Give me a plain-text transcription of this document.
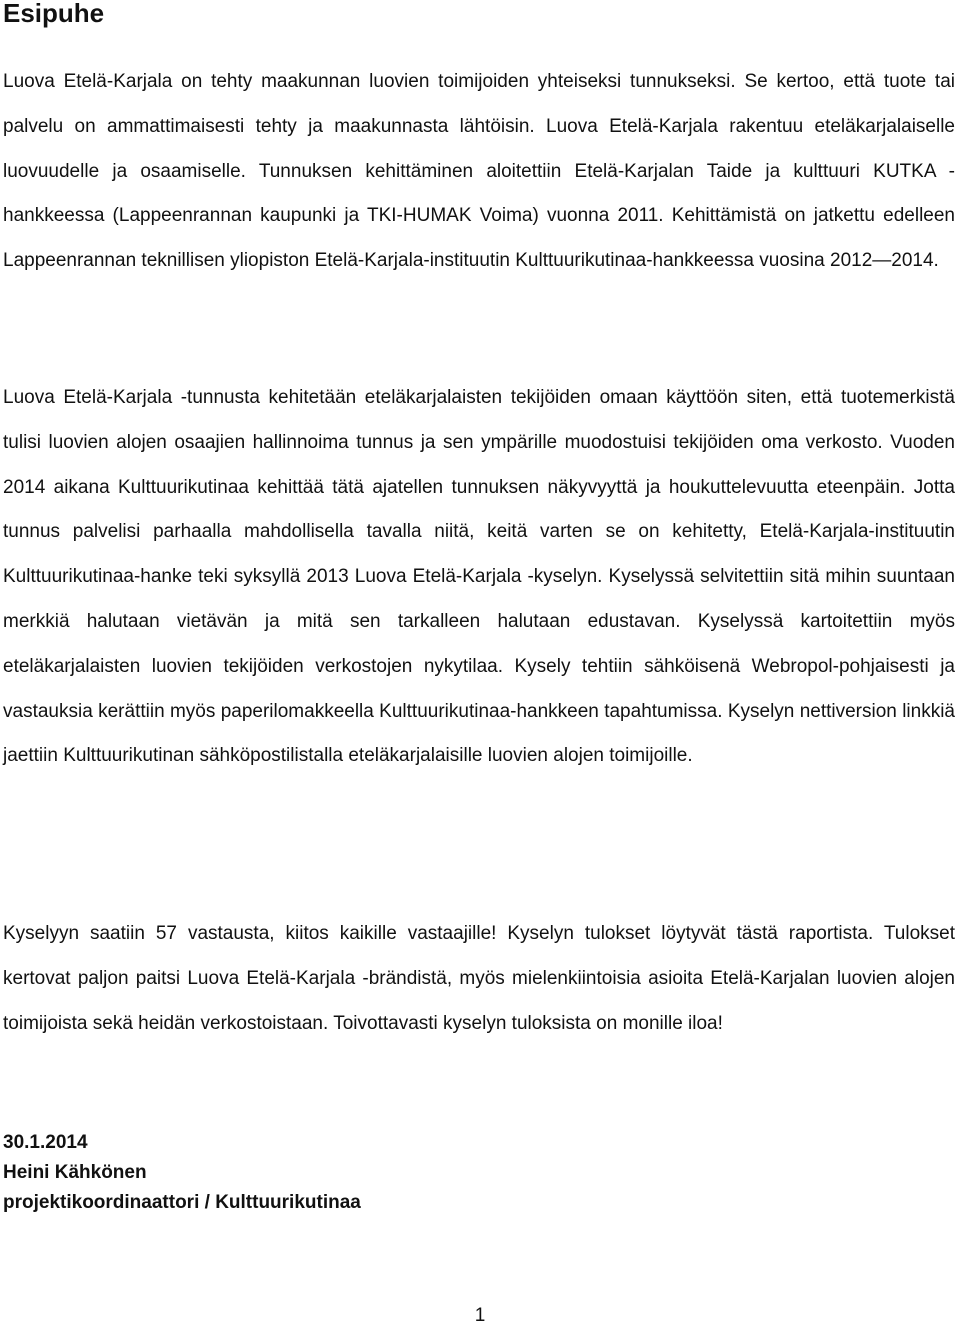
Esipuhe

Luova Etelä-Karjala on tehty maakunnan luovien toimijoiden yhteiseksi tunnukseksi. Se kertoo, että tuote tai palvelu on ammattimaisesti tehty ja maakunnasta lähtöisin. Luova Etelä-Karjala rakentuu eteläkarjalaiselle luovuudelle ja osaamiselle. Tunnuksen kehittäminen aloitettiin Etelä-Karjalan Taide ja kulttuuri KUTKA -hankkeessa (Lappeenrannan kaupunki ja TKI-HUMAK Voima) vuonna 2011. Kehittämistä on jatkettu edelleen Lappeenrannan teknillisen yliopiston Etelä-Karjala-instituutin Kulttuurikutinaa-hankkeessa vuosina 2012—2014.

Luova Etelä-Karjala -tunnusta kehitetään eteläkarjalaisten tekijöiden omaan käyttöön siten, että tuotemerkistä tulisi luovien alojen osaajien hallinnoima tunnus ja sen ympärille muodostuisi tekijöiden oma verkosto. Vuoden 2014 aikana Kulttuurikutinaa kehittää tätä ajatellen tunnuksen näkyvyyttä ja houkuttelevuutta eteenpäin. Jotta tunnus palvelisi parhaalla mahdollisella tavalla niitä, keitä varten se on kehitetty, Etelä-Karjala-instituutin Kulttuurikutinaa-hanke teki syksyllä 2013 Luova Etelä-Karjala -kyselyn. Kyselyssä selvitettiin sitä mihin suuntaan merkkiä halutaan vietävän ja mitä sen tarkalleen halutaan edustavan. Kyselyssä kartoitettiin myös eteläkarjalaisten luovien tekijöiden verkostojen nykytilaa. Kysely tehtiin sähköisenä Webropol-pohjaisesti ja vastauksia kerättiin myös paperilomakkeella Kulttuurikutinaa-hankkeen tapahtumissa. Kyselyn nettiversion linkkiä jaettiin Kulttuurikutinan sähköpostilistalla eteläkarjalaisille luovien alojen toimijoille.

Kyselyyn saatiin 57 vastausta, kiitos kaikille vastaajille! Kyselyn tulokset löytyvät tästä raportista. Tulokset kertovat paljon paitsi Luova Etelä-Karjala -brändistä, myös mielenkiintoisia asioita Etelä-Karjalan luovien alojen toimijoista sekä heidän verkostoistaan. Toivottavasti kyselyn tuloksista on monille iloa!

30.1.2014
Heini Kähkönen
projektikoordinaattori / Kulttuurikutinaa
1
